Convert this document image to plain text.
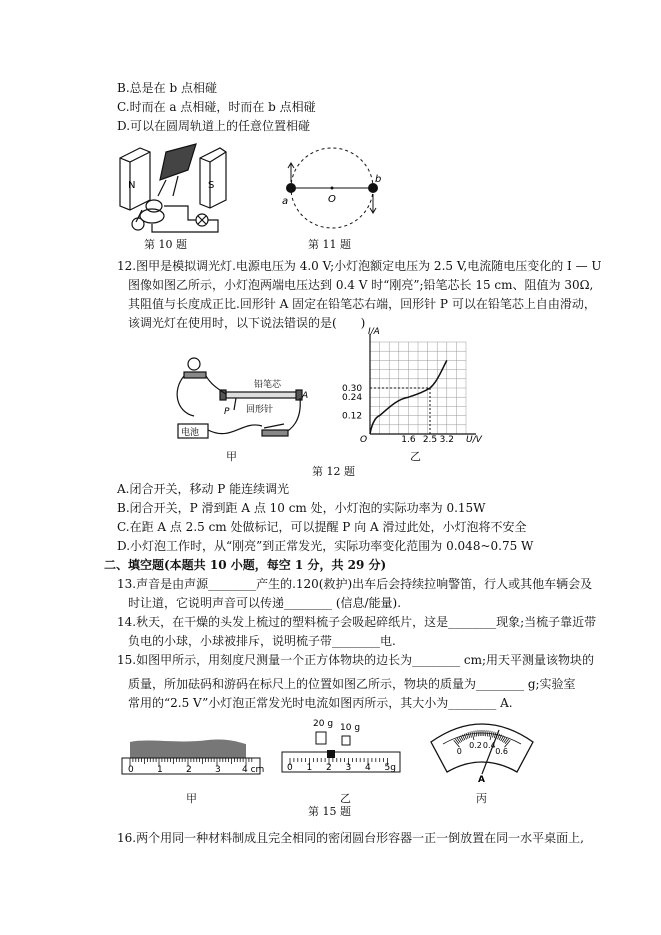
B.总是在 b 点相碰
C.时而在 a 点相碰，时而在 b 点相碰
D.可以在圆周轨道上的任意位置相碰
N	S
第 10 题
a
b
O
第 11 题
12.图甲是模拟调光灯.电源电压为 4.0 V;小灯泡额定电压为 2.5 V,电流随电压变化的 I — U
图像如图乙所示，小灯泡两端电压达到 0.4 V 时“刚亮”;铅笔芯长 15 cm、阻值为 30Ω,
其阻值与长度成正比.回形针 A 固定在铅笔芯右端，回形针 P 可以在铅笔芯上自由滑动，
该调光灯在使用时，以下说法错误的是(　　)
铅笔芯
回形针
P
A
电池
甲
I/A
U/V
O
0.30
0.24
0.12
1.6 2.5 3.2
乙
第 12 题
A.闭合开关，移动 P 能连续调光
B.闭合开关，P 滑到距 A 点 10 cm 处，小灯泡的实际功率为 0.15W
C.在距 A 点 2.5 cm 处做标记，可以提醒 P 向 A 滑过此处，小灯泡将不安全
D.小灯泡工作时，从“刚亮”到正常发光，实际功率变化范围为 0.048~0.75 W
二、填空题(本题共 10 小题，每空 1 分，共 29 分)
13.声音是由声源________产生的.120(救护)出车后会持续拉响警笛，行人或其他车辆会及
时让道，它说明声音可以传递________ (信息/能量).
14.秋天，在干燥的头发上梳过的塑料梳子会吸起碎纸片，这是________现象;当梳子靠近带
负电的小球，小球被排斥，说明梳子带________电.
15.如图甲所示，用刻度尺测量一个正方体物块的边长为________ cm;用天平测量该物块的
质量，所加砝码和游码在标尺上的位置如图乙所示，物块的质量为________ g;实验室
常用的“2.5 V”小灯泡正常发光时电流如图丙所示，其大小为________ A.
0	1	2	3 4 cm
甲
20 g 10 g
0 1 2 3 4 5g
乙
0
0.2 0.4
0.6
A
丙
第 15 题
16.两个用同一种材料制成且完全相同的密闭圆台形容器一正一倒放置在同一水平桌面上,
